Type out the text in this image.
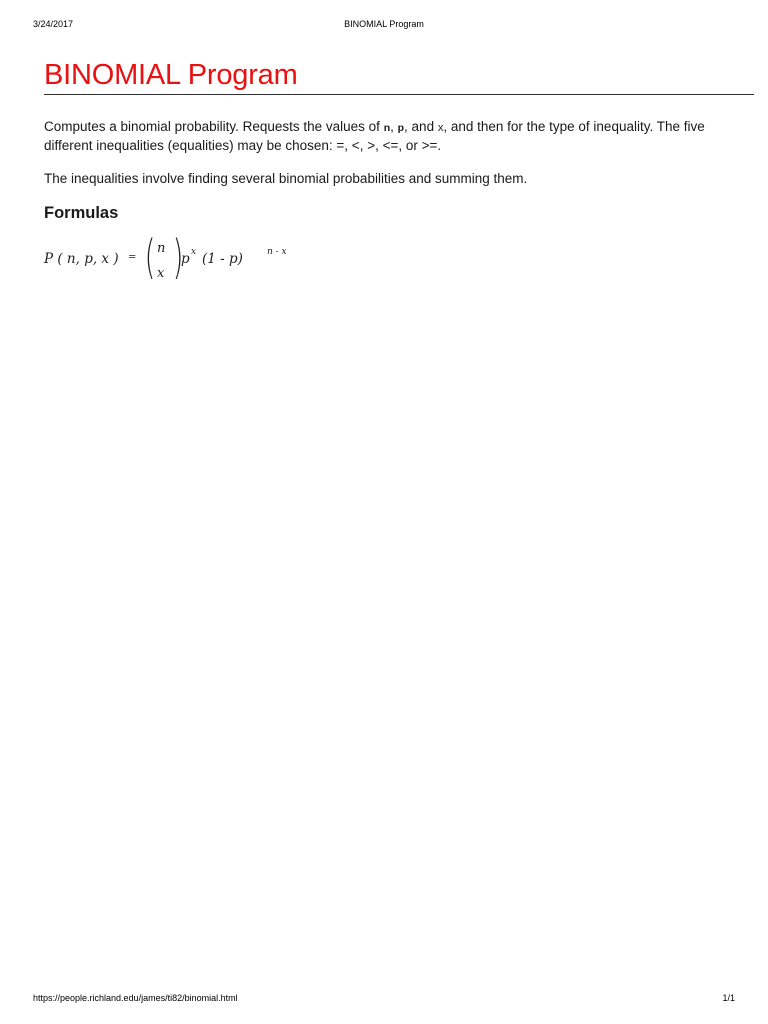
3/24/2017	BINOMIAL Program
BINOMIAL Program

Computes a binomial probability. Requests the values of n, p, and x, and then for the type of inequality. The five different inequalities (equalities) may be chosen: =, <, >, <=, or >=.

The inequalities involve finding several binomial probabilities and summing them.

Formulas
P ( n, p, x ) = ( n
x )
p x (1 - p)	n - x
https://people.richland.edu/james/ti82/binomial.html	1/1
